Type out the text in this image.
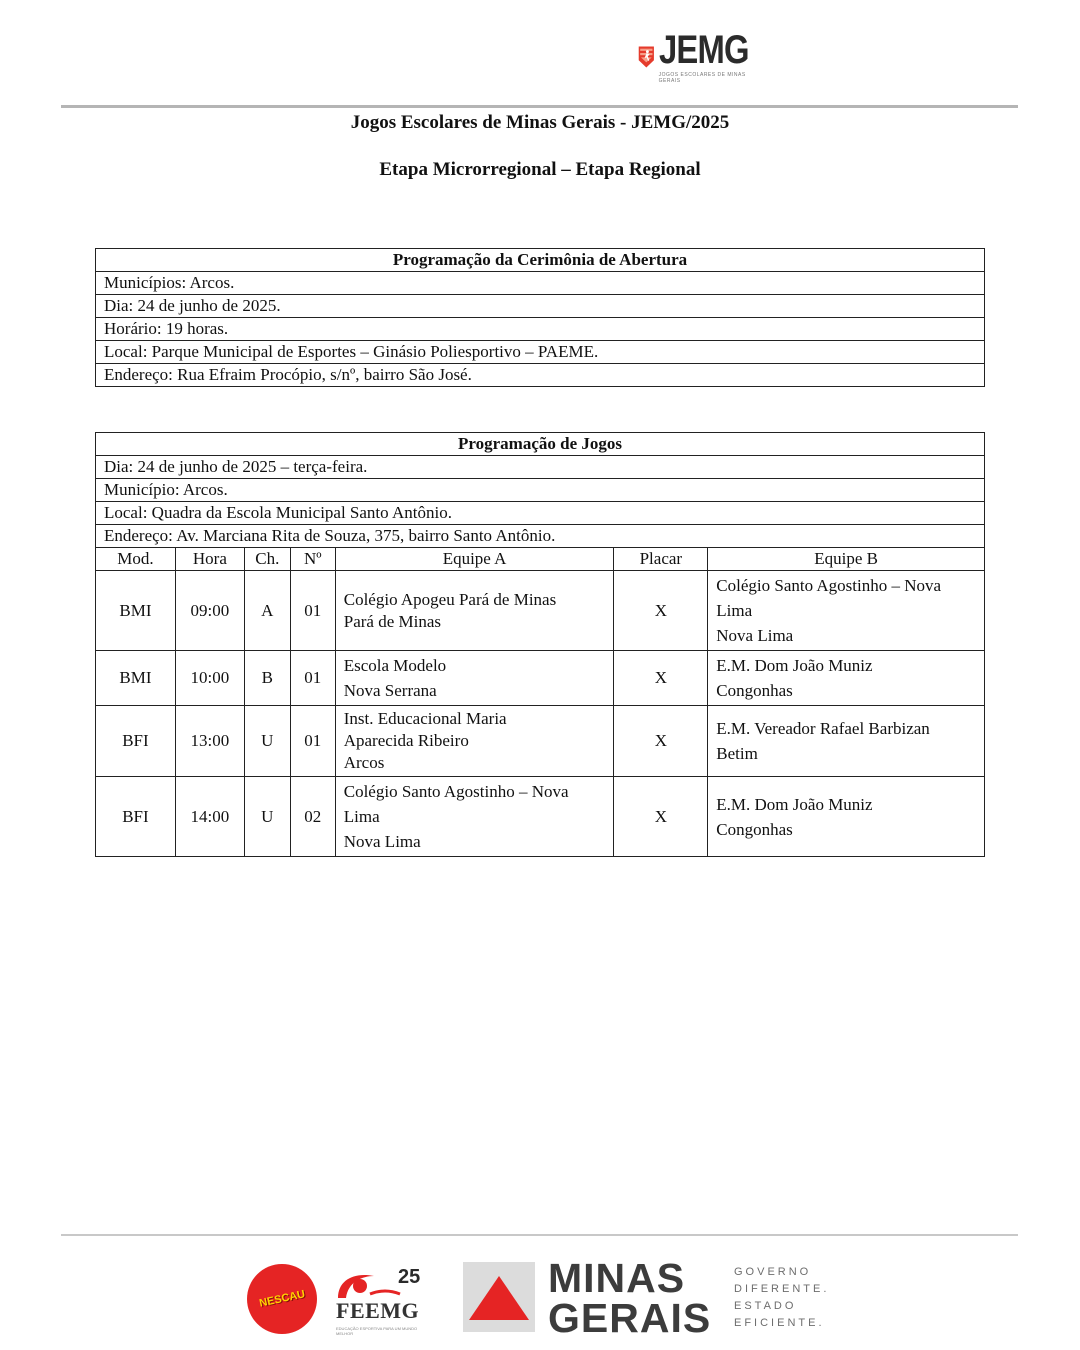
JEMG
JOGOS ESCOLARES DE MINAS GERAIS
Jogos Escolares de Minas Gerais - JEMG/2025
Etapa Microrregional – Etapa Regional
Programação da Cerimônia de Abertura
Municípios: Arcos.
Dia: 24 de junho de 2025.
Horário: 19 horas.
Local: Parque Municipal de Esportes – Ginásio Poliesportivo – PAEME.
Endereço: Rua Efraim Procópio, s/nº, bairro São José.
Programação de Jogos						
Dia: 24 de junho de 2025 – terça-feira.						
Município: Arcos.						
Local: Quadra da Escola Municipal Santo Antônio.						
Endereço: Av. Marciana Rita de Souza, 375, bairro Santo Antônio.						
Mod.	Hora	Ch.	Nº	Equipe A	Placar	Equipe B
BMI	09:00	A	01	Colégio Apogeu Pará de Minas
Pará de Minas	X	Colégio Santo Agostinho – Nova
Lima
Nova Lima

BMI	10:00	B	01	Escola Modelo
Nova Serrana	X	E.M. Dom João Muniz
Congonhas

BFI	13:00	U	01	Inst. Educacional Maria
Aparecida Ribeiro
Arcos	X	E.M. Vereador Rafael Barbizan
Betim

BFI	14:00	U	02	Colégio Santo Agostinho – Nova
Lima
Nova Lima	X	E.M. Dom João Muniz
Congonhas
NESCAU
25
FEEMG
EDUCAÇÃO ESPORTIVA PARA UM MUNDO MELHOR
MINAS
GERAIS
GOVERNO
DIFERENTE.
ESTADO
EFICIENTE.
